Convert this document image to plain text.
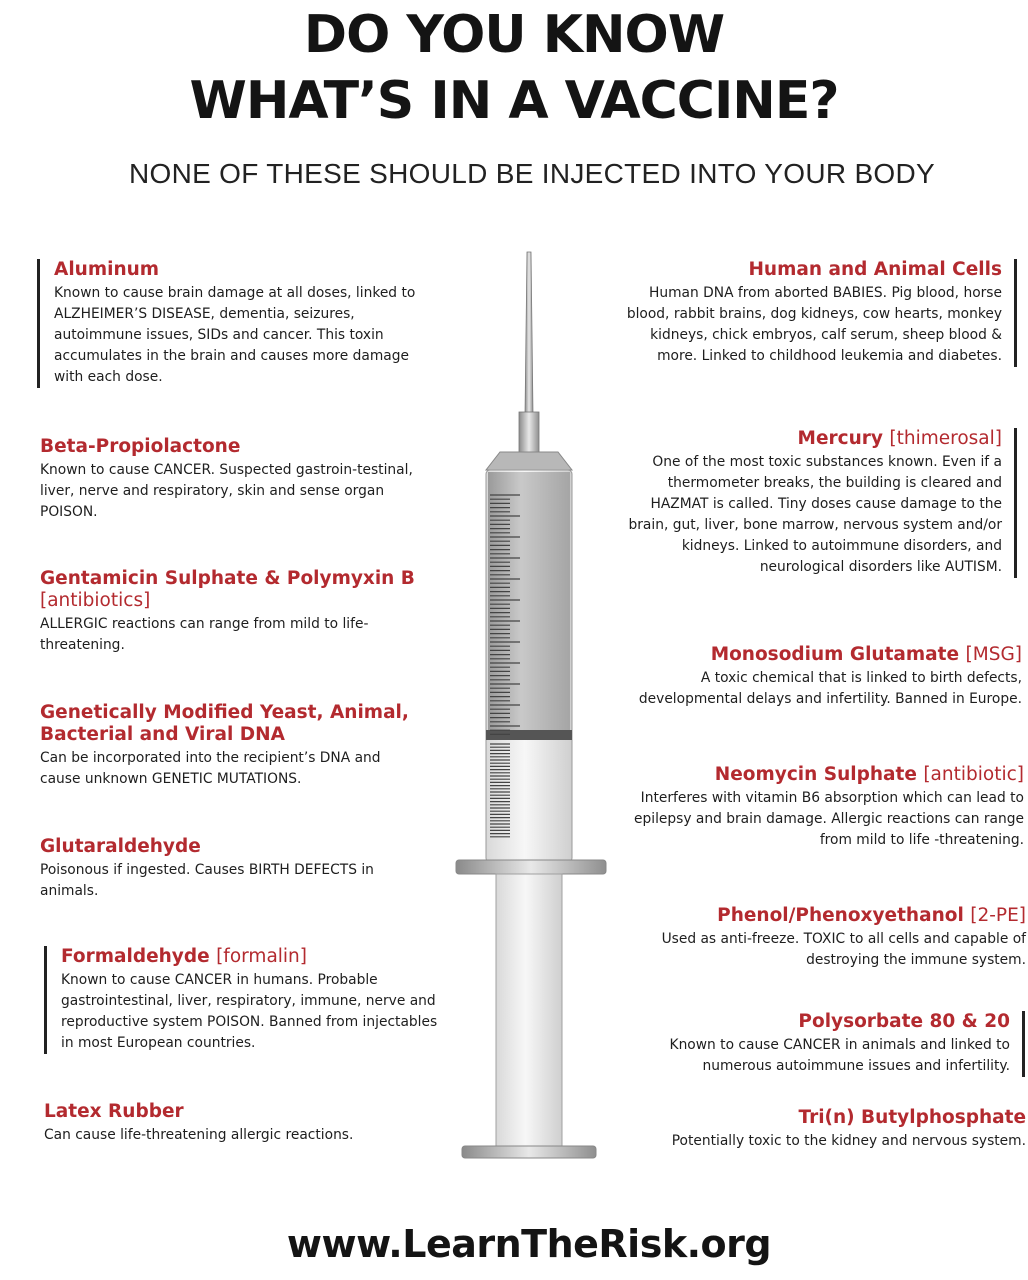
DO YOU KNOW
WHAT’S IN A VACCINE?
NONE OF THESE SHOULD BE INJECTED INTO YOUR BODY
Aluminum

Known to cause brain damage at all doses, linked to ALZHEIMER’S DISEASE, dementia, seizures, autoimmune issues, SIDs and cancer. This toxin accumulates in the brain and causes more damage with each dose.

Beta-Propiolactone

Known to cause CANCER. Suspected gastroin-testinal, liver, nerve and respiratory, skin and sense organ POISON.

Gentamicin Sulphate & Polymyxin B [antibiotics]

ALLERGIC reactions can range from mild to life-threatening.

Genetically Modified Yeast, Animal, Bacterial and Viral DNA

Can be incorporated into the recipient’s DNA and cause unknown GENETIC MUTATIONS.

Glutaraldehyde

Poisonous if ingested. Causes BIRTH DEFECTS in animals.

Formaldehyde [formalin]

Known to cause CANCER in humans. Probable gastrointestinal, liver, respiratory, immune, nerve and reproductive system POISON. Banned from injectables in most European countries.

Latex Rubber

Can cause life-threatening allergic reactions.

Human and Animal Cells

Human DNA from aborted BABIES. Pig blood, horse blood, rabbit brains, dog kidneys, cow hearts, monkey kidneys, chick embryos, calf serum, sheep blood & more. Linked to childhood leukemia and diabetes.

Mercury [thimerosal]

One of the most toxic substances known. Even if a thermometer breaks, the building is cleared and HAZMAT is called. Tiny doses cause damage to the brain, gut, liver, bone marrow, nervous system and/or kidneys. Linked to autoimmune disorders, and neurological disorders like AUTISM.

Monosodium Glutamate [MSG]

A toxic chemical that is linked to birth defects, developmental delays and infertility. Banned in Europe.

Neomycin Sulphate [antibiotic]

Interferes with vitamin B6 absorption which can lead to epilepsy and brain damage. Allergic reactions can range from mild to life -threatening.

Phenol/Phenoxyethanol [2-PE]

Used as anti-freeze. TOXIC to all cells and capable of destroying the immune system.

Polysorbate 80 & 20

Known to cause CANCER in animals and linked to numerous autoimmune issues and infertility.

Tri(n) Butylphosphate

Potentially toxic to the kidney and nervous system.

www.LearnTheRisk.org
